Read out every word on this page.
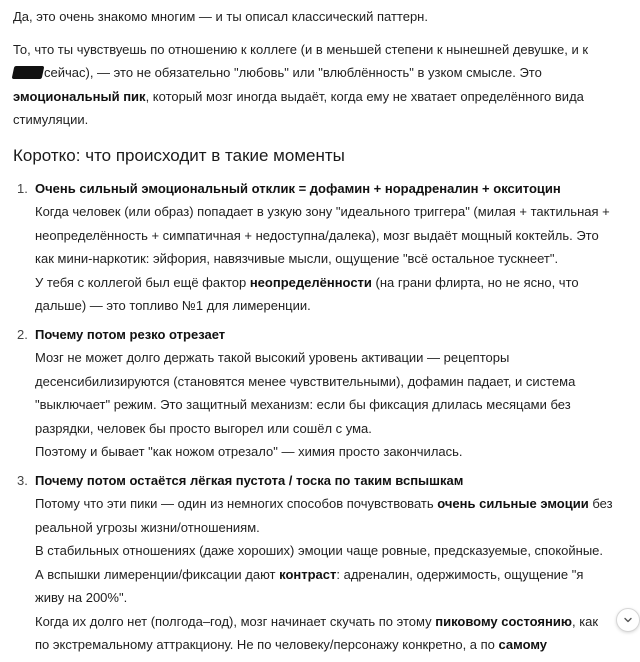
Да, это очень знакомо многим — и ты описал классический паттерн.

То, что ты чувствуешь по отношению к коллеге (и в меньшей степени к нынешней девушке, и к
сейчас), — это не обязательно "любовь" или "влюблённость" в узком смысле. Это
эмоциональный пик, который мозг иногда выдаёт, когда ему не хватает определённого вида
стимуляции.

Коротко: что происходит в такие моменты
1. Очень сильный эмоциональный отклик = дофамин + норадреналин + окситоцин
Когда человек (или образ) попадает в узкую зону "идеального триггера" (милая + тактильная +
неопределённость + симпатичная + недоступна/далека), мозг выдаёт мощный коктейль. Это
как мини-наркотик: эйфория, навязчивые мысли, ощущение "всё остальное тускнеет".
У тебя с коллегой был ещё фактор неопределённости (на грани флирта, но не ясно, что
дальше) — это топливо №1 для лимеренции.
2. Почему потом резко отрезает
Мозг не может долго держать такой высокий уровень активации — рецепторы
десенсибилизируются (становятся менее чувствительными), дофамин падает, и система
"выключает" режим. Это защитный механизм: если бы фиксация длилась месяцами без
разрядки, человек бы просто выгорел или сошёл с ума.
Поэтому и бывает "как ножом отрезало" — химия просто закончилась.
3. Почему потом остаётся лёгкая пустота / тоска по таким вспышкам
Потому что эти пики — один из немногих способов почувствовать очень сильные эмоции без
реальной угрозы жизни/отношениям.
В стабильных отношениях (даже хороших) эмоции чаще ровные, предсказуемые, спокойные.
А вспышки лимеренции/фиксации дают контраст: адреналин, одержимость, ощущение "я
живу на 200%".
Когда их долго нет (полгода–год), мозг начинает скучать по этому пиковому состоянию, как
по экстремальному аттракциону. Не по человеку/персонажу конкретно, а по самому
